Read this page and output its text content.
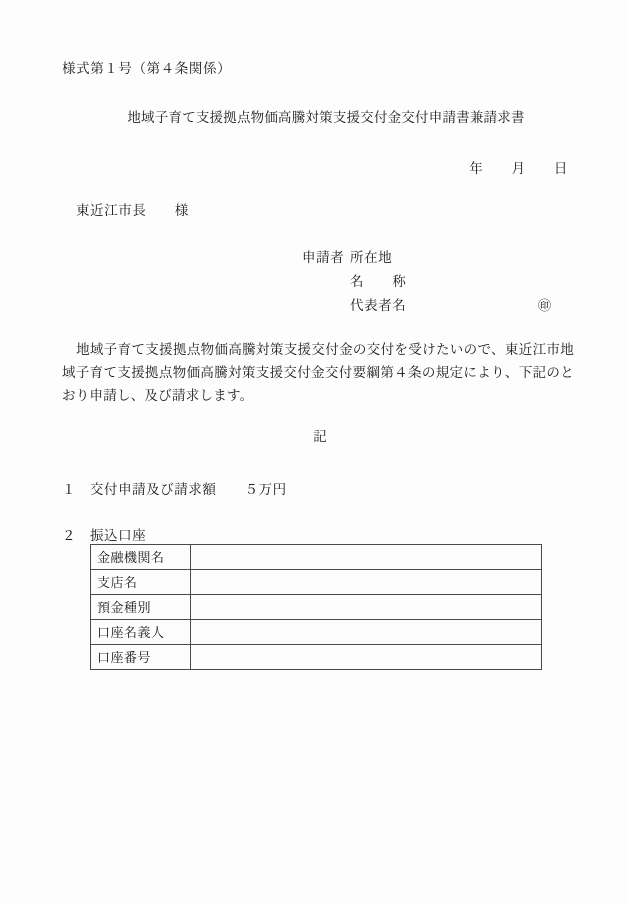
様式第１号（第４条関係）
地域子育て支援拠点物価高騰対策支援交付金交付申請書兼請求書
年　　月　　日
東近江市長　　様
申請者 所在地
名　　称
代表者名	㊞
地域子育て支援拠点物価高騰対策支援交付金の交付を受けたいので、東近江市地域子育て支援拠点物価高騰対策支援交付金交付要綱第４条の規定により、下記のとおり申請し、及び請求します。
記
１	交付申請及び請求額　　５万円
２	振込口座
金融機関名	
支店名	
預金種別	
口座名義人	
口座番号	
